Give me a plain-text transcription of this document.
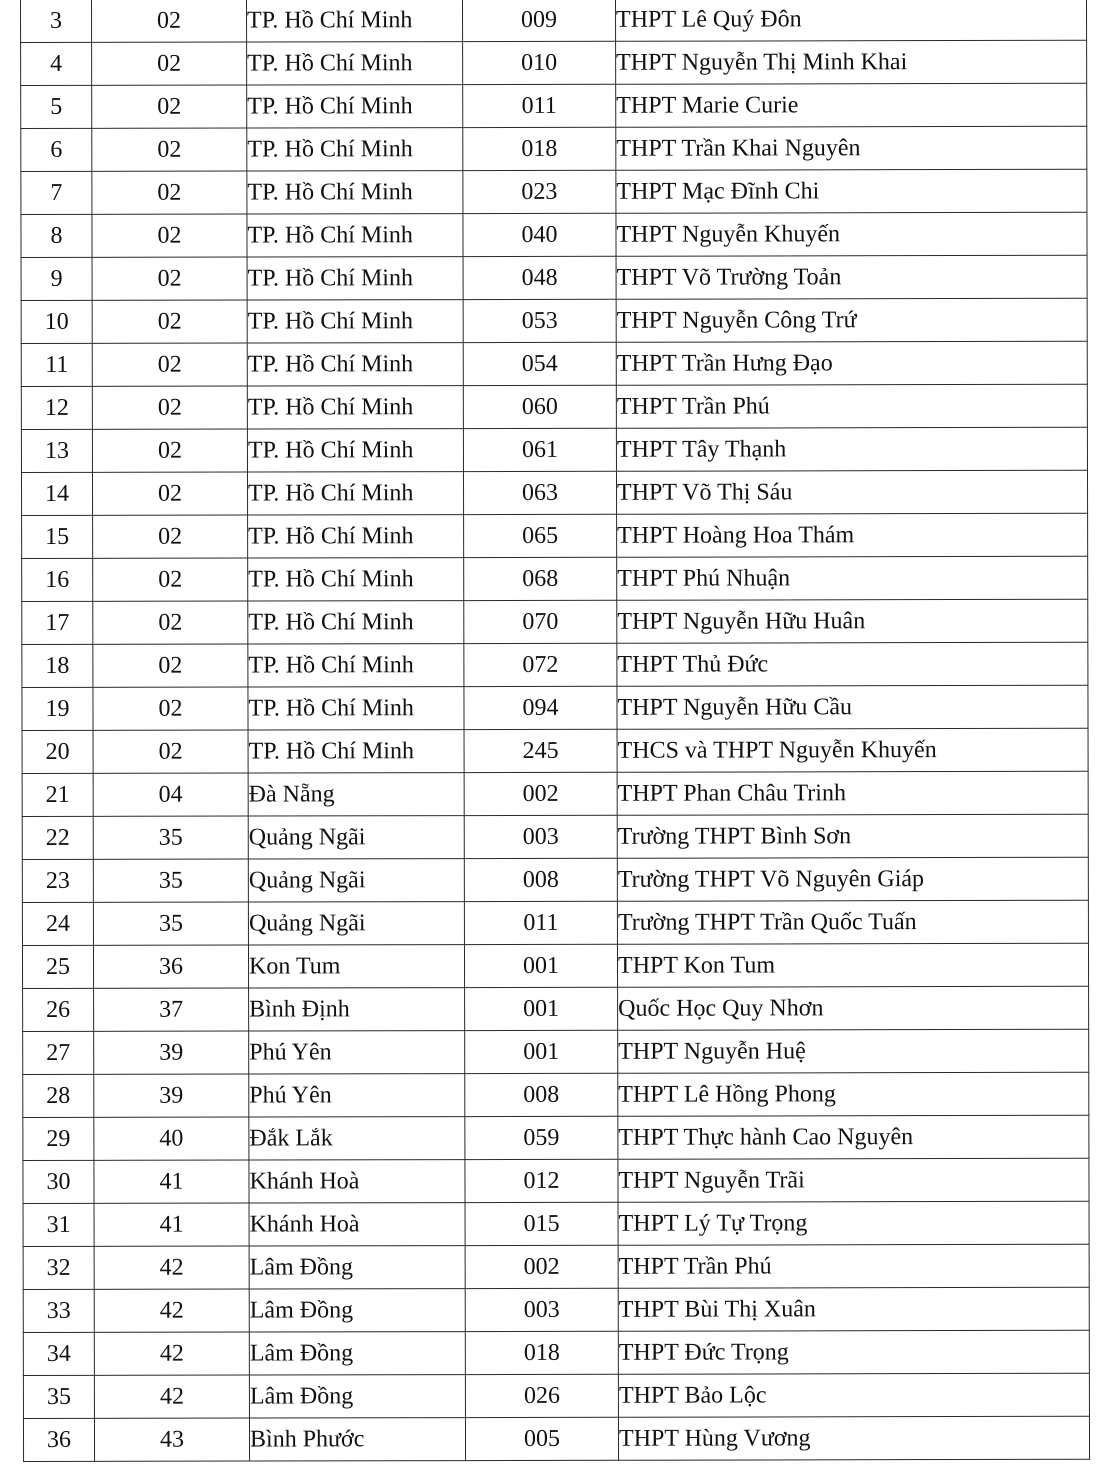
3	02	TP. Hồ Chí Minh	009	THPT Lê Quý Đôn
4	02	TP. Hồ Chí Minh	010	THPT Nguyễn Thị Minh Khai
5	02	TP. Hồ Chí Minh	011	THPT Marie Curie
6	02	TP. Hồ Chí Minh	018	THPT Trần Khai Nguyên
7	02	TP. Hồ Chí Minh	023	THPT Mạc Đĩnh Chi
8	02	TP. Hồ Chí Minh	040	THPT Nguyễn Khuyến
9	02	TP. Hồ Chí Minh	048	THPT Võ Trường Toản
10	02	TP. Hồ Chí Minh	053	THPT Nguyễn Công Trứ
11	02	TP. Hồ Chí Minh	054	THPT Trần Hưng Đạo
12	02	TP. Hồ Chí Minh	060	THPT Trần Phú
13	02	TP. Hồ Chí Minh	061	THPT Tây Thạnh
14	02	TP. Hồ Chí Minh	063	THPT Võ Thị Sáu
15	02	TP. Hồ Chí Minh	065	THPT Hoàng Hoa Thám
16	02	TP. Hồ Chí Minh	068	THPT Phú Nhuận
17	02	TP. Hồ Chí Minh	070	THPT Nguyễn Hữu Huân
18	02	TP. Hồ Chí Minh	072	THPT Thủ Đức
19	02	TP. Hồ Chí Minh	094	THPT Nguyễn Hữu Cầu
20	02	TP. Hồ Chí Minh	245	THCS và THPT Nguyễn Khuyến
21	04	Đà Nẵng	002	THPT Phan Châu Trinh
22	35	Quảng Ngãi	003	Trường THPT Bình Sơn
23	35	Quảng Ngãi	008	Trường THPT Võ Nguyên Giáp
24	35	Quảng Ngãi	011	Trường THPT Trần Quốc Tuấn
25	36	Kon Tum	001	THPT Kon Tum
26	37	Bình Định	001	Quốc Học Quy Nhơn
27	39	Phú Yên	001	THPT Nguyễn Huệ
28	39	Phú Yên	008	THPT Lê Hồng Phong
29	40	Đắk Lắk	059	THPT Thực hành Cao Nguyên
30	41	Khánh Hoà	012	THPT Nguyễn Trãi
31	41	Khánh Hoà	015	THPT Lý Tự Trọng
32	42	Lâm Đồng	002	THPT Trần Phú
33	42	Lâm Đồng	003	THPT Bùi Thị Xuân
34	42	Lâm Đồng	018	THPT Đức Trọng
35	42	Lâm Đồng	026	THPT Bảo Lộc
36	43	Bình Phước	005	THPT Hùng Vương
